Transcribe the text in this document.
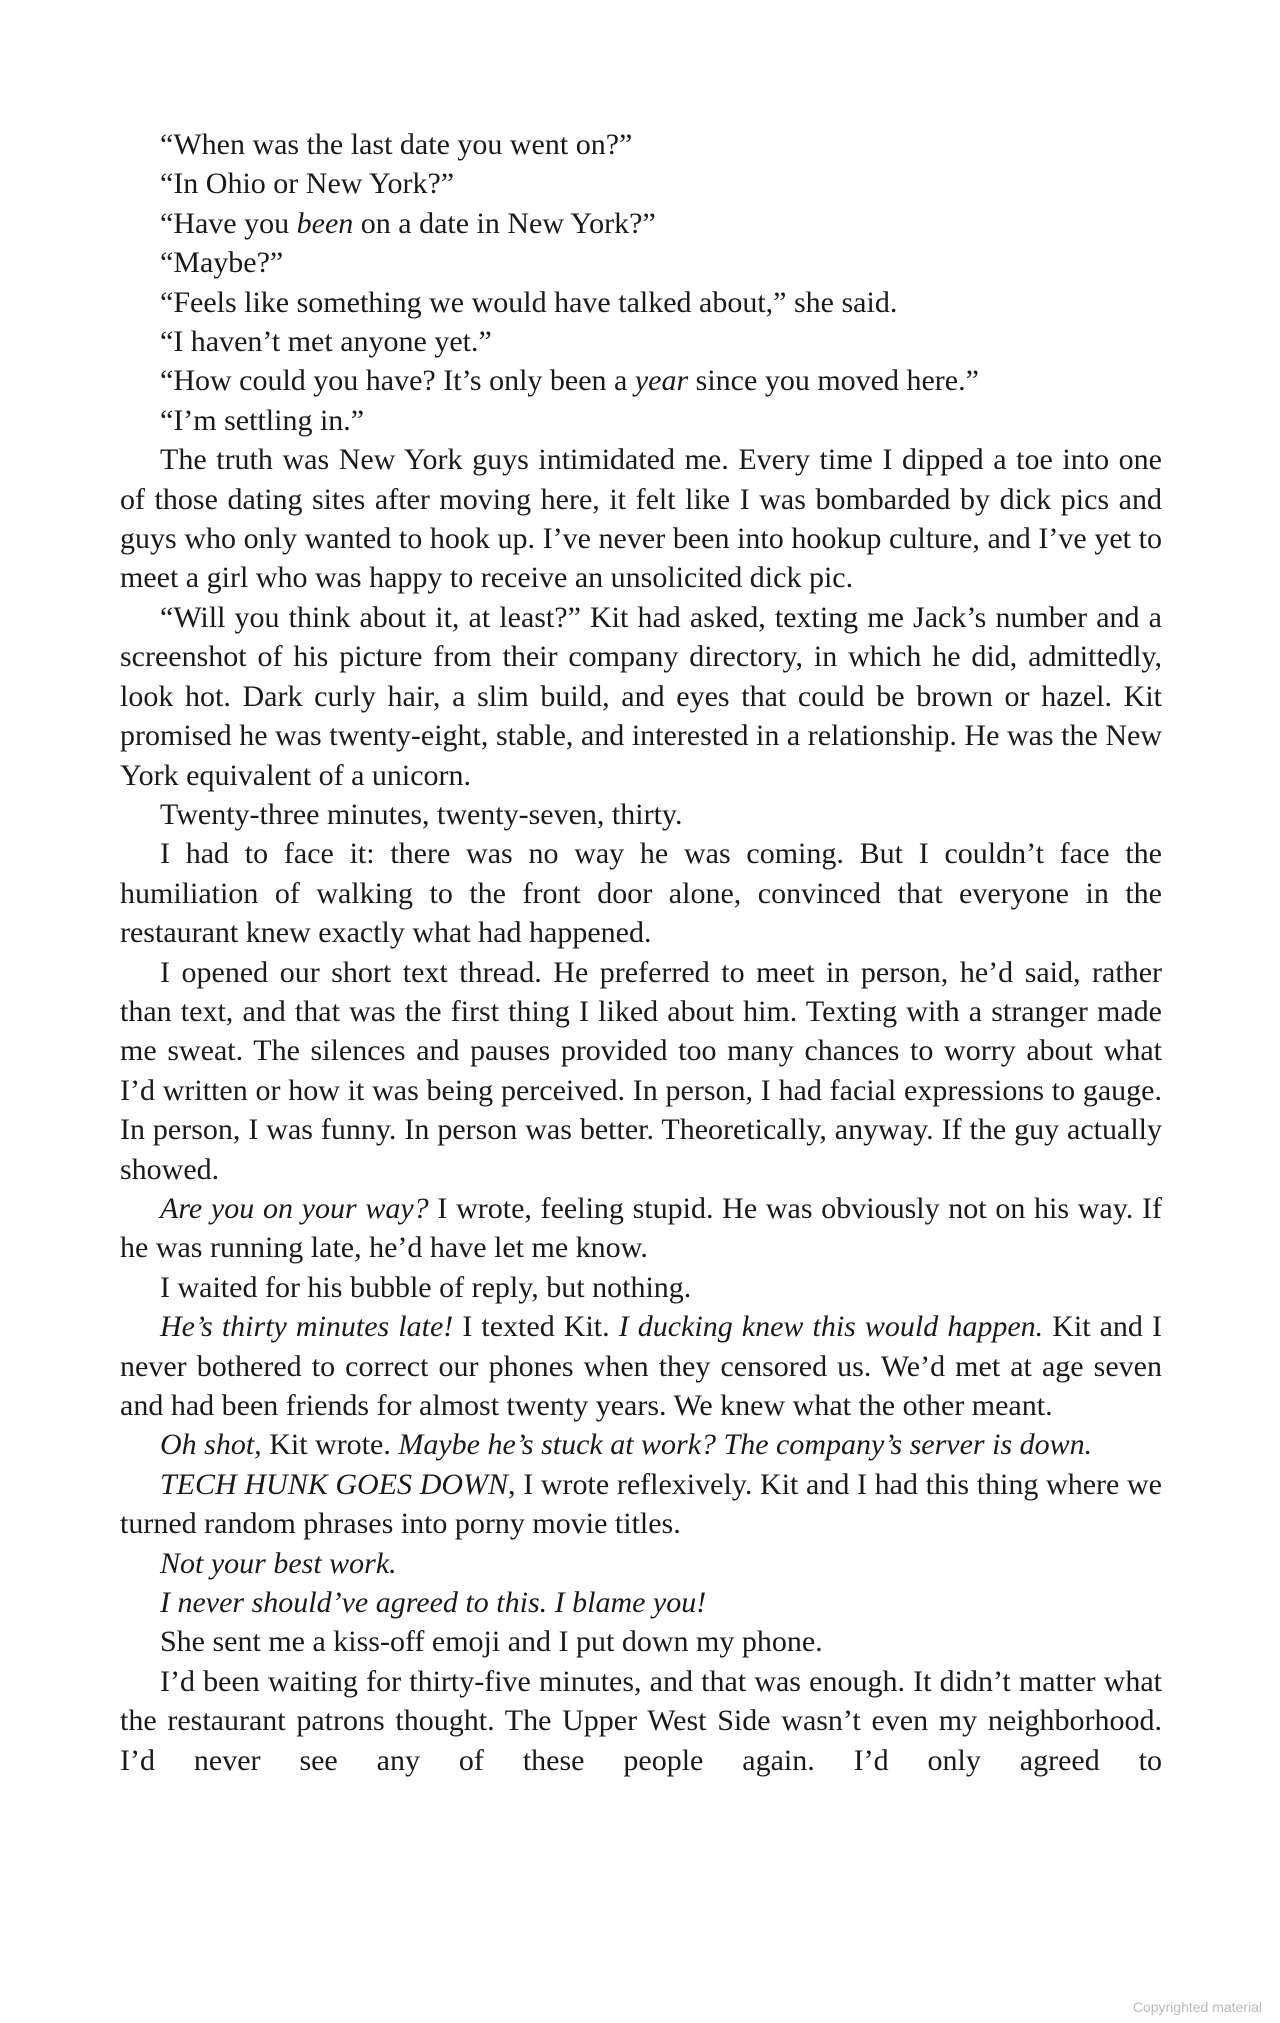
“When was the last date you went on?”

“In Ohio or New York?”

“Have you been on a date in New York?”

“Maybe?”

“Feels like something we would have talked about,” she said.

“I haven’t met anyone yet.”

“How could you have? It’s only been a year since you moved here.”

“I’m settling in.”

The truth was New York guys intimidated me. Every time I dipped a toe into one of those dating sites after moving here, it felt like I was bombarded by dick pics and guys who only wanted to hook up. I’ve never been into hookup culture, and I’ve yet to meet a girl who was happy to receive an unsolicited dick pic.

“Will you think about it, at least?” Kit had asked, texting me Jack’s number and a screenshot of his picture from their company directory, in which he did, admittedly, look hot. Dark curly hair, a slim build, and eyes that could be brown or hazel. Kit promised he was twenty-eight, stable, and interested in a relationship. He was the New York equivalent of a unicorn.

Twenty-three minutes, twenty-seven, thirty.

I had to face it: there was no way he was coming. But I couldn’t face the humiliation of walking to the front door alone, convinced that everyone in the restaurant knew exactly what had happened.

I opened our short text thread. He preferred to meet in person, he’d said, rather than text, and that was the first thing I liked about him. Texting with a stranger made me sweat. The silences and pauses provided too many chances to worry about what I’d written or how it was being perceived. In person, I had facial expressions to gauge. In person, I was funny. In person was better. Theoretically, anyway. If the guy actually showed.

Are you on your way? I wrote, feeling stupid. He was obviously not on his way. If he was running late, he’d have let me know.

I waited for his bubble of reply, but nothing.

He’s thirty minutes late! I texted Kit. I ducking knew this would happen. Kit and I never bothered to correct our phones when they censored us. We’d met at age seven and had been friends for almost twenty years. We knew what the other meant.

Oh shot, Kit wrote. Maybe he’s stuck at work? The company’s server is down.

TECH HUNK GOES DOWN, I wrote reflexively. Kit and I had this thing where we turned random phrases into porny movie titles.

Not your best work.

I never should’ve agreed to this. I blame you!

She sent me a kiss-off emoji and I put down my phone.

I’d been waiting for thirty-five minutes, and that was enough. It didn’t matter what the restaurant patrons thought. The Upper West Side wasn’t even my neighborhood. I’d never see any of these people again. I’d only agreed to

Copyrighted material
